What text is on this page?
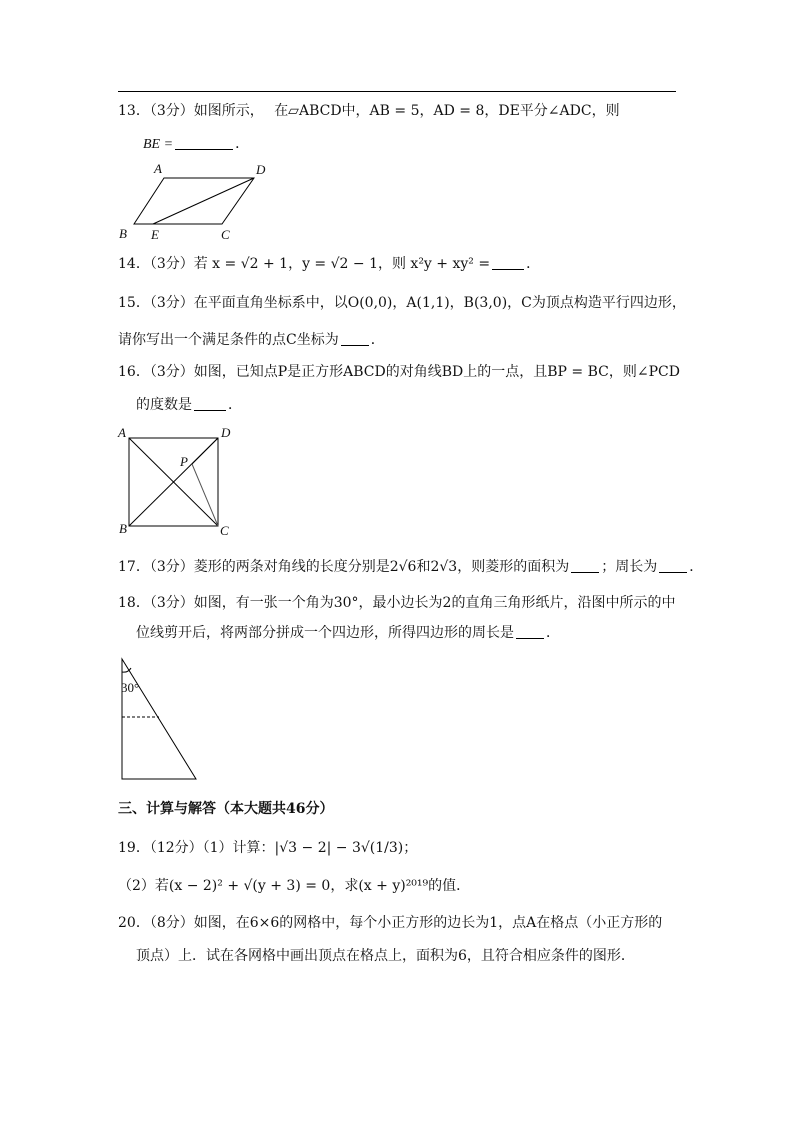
13．（3分）如图所示， 在▱ABCD中，AB = 5，AD = 8，DE平分∠ADC，则
BE =	．
A	D
B E	C
14．（3分）若 x = √2 + 1，y = √2 − 1，则 x²y + xy² =	．
15．（3分）在平面直角坐标系中，以O(0,0)，A(1,1)，B(3,0)，C为顶点构造平行四边形，
请你写出一个满足条件的点C坐标为 ．
16．（3分）如图，已知点P是正方形ABCD的对角线BD上的一点，且BP = BC，则∠PCD
的度数是	．
A	D
B	C
P
17．（3分）菱形的两条对角线的长度分别是2√6和2√3，则菱形的面积为 ；周长为 ．
18．（3分）如图，有一张一个角为30°，最小边长为2的直角三角形纸片，沿图中所示的中
位线剪开后，将两部分拼成一个四边形，所得四边形的周长是 ．
30°
三、计算与解答（本大题共46分）
19．（12分）（1）计算：|√3 − 2| − 3√(1/3)；
（2）若(x − 2)² + √(y + 3) = 0，求(x + y)²⁰¹⁹的值．
20．（8分）如图，在6×6的网格中，每个小正方形的边长为1，点A在格点（小正方形的
顶点）上．试在各网格中画出顶点在格点上，面积为6，且符合相应条件的图形．
